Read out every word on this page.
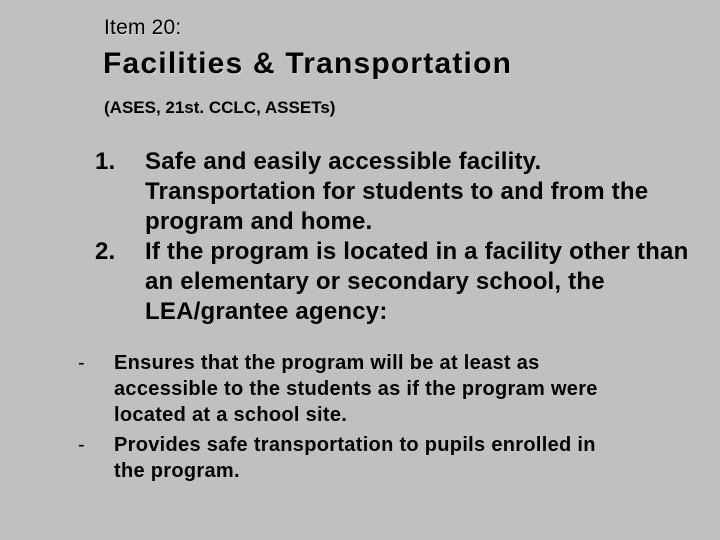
Item 20:
Facilities & Transportation
(ASES, 21st. CCLC, ASSETs)
1. Safe and easily accessible facility. Transportation for students to and from the program and home.
2. If the program is located in a facility other than an elementary or secondary school, the LEA/grantee agency:
- Ensures that the program will be at least as accessible to the students as if the program were located at a school site.
- Provides safe transportation to pupils enrolled in the program.
